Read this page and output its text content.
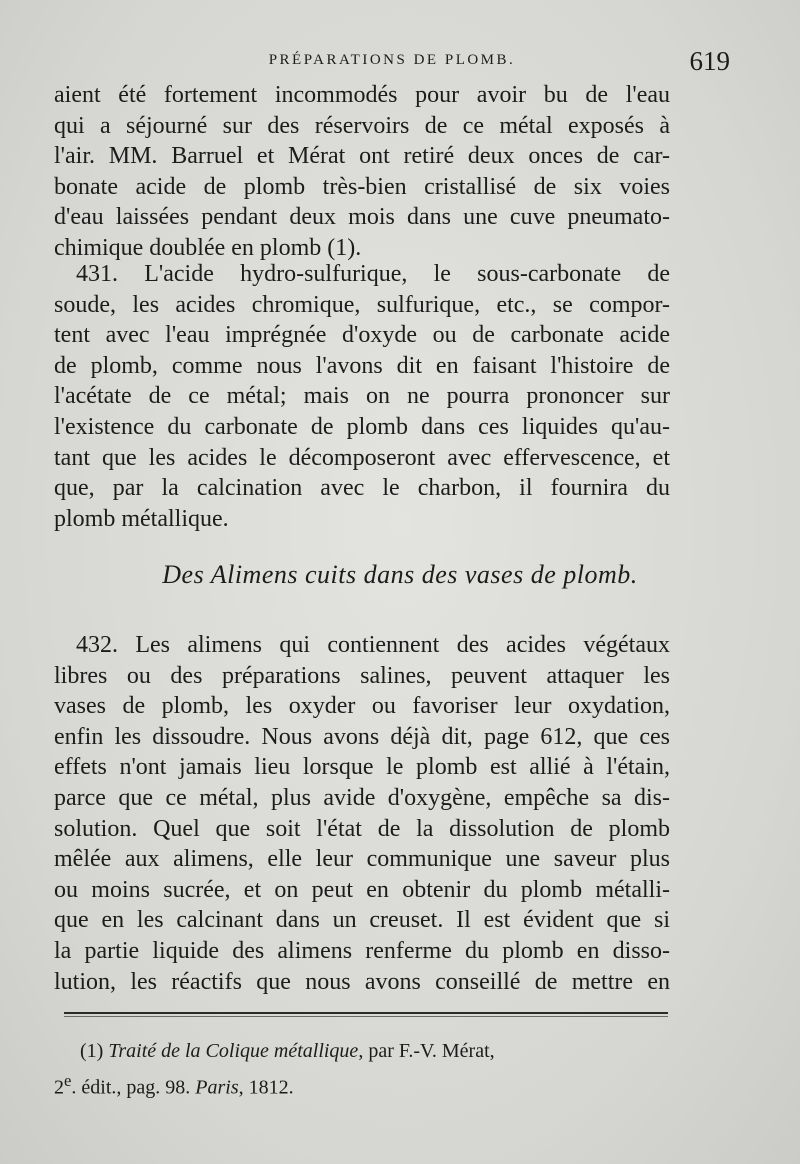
PRÉPARATIONS DE PLOMB.	619
aient été fortement incommodés pour avoir bu de l'eau
qui a séjourné sur des réservoirs de ce métal exposés à
l'air. MM. Barruel et Mérat ont retiré deux onces de car-
bonate acide de plomb très-bien cristallisé de six voies
d'eau laissées pendant deux mois dans une cuve pneumato-
chimique doublée en plomb (1).
431. L'acide hydro-sulfurique, le sous-carbonate de
soude, les acides chromique, sulfurique, etc., se compor-
tent avec l'eau imprégnée d'oxyde ou de carbonate acide
de plomb, comme nous l'avons dit en faisant l'histoire de
l'acétate de ce métal; mais on ne pourra prononcer sur
l'existence du carbonate de plomb dans ces liquides qu'au-
tant que les acides le décomposeront avec effervescence, et
que, par la calcination avec le charbon, il fournira du
plomb métallique.
Des Alimens cuits dans des vases de plomb.
432. Les alimens qui contiennent des acides végétaux
libres ou des préparations salines, peuvent attaquer les
vases de plomb, les oxyder ou favoriser leur oxydation,
enfin les dissoudre. Nous avons déjà dit, page 612, que ces
effets n'ont jamais lieu lorsque le plomb est allié à l'étain,
parce que ce métal, plus avide d'oxygène, empêche sa dis-
solution. Quel que soit l'état de la dissolution de plomb
mêlée aux alimens, elle leur communique une saveur plus
ou moins sucrée, et on peut en obtenir du plomb métalli-
que en les calcinant dans un creuset. Il est évident que si
la partie liquide des alimens renferme du plomb en disso-
lution, les réactifs que nous avons conseillé de mettre en
(1) Traité de la Colique métallique, par F.-V. Mérat,
2e. édit., pag. 98. Paris, 1812.
